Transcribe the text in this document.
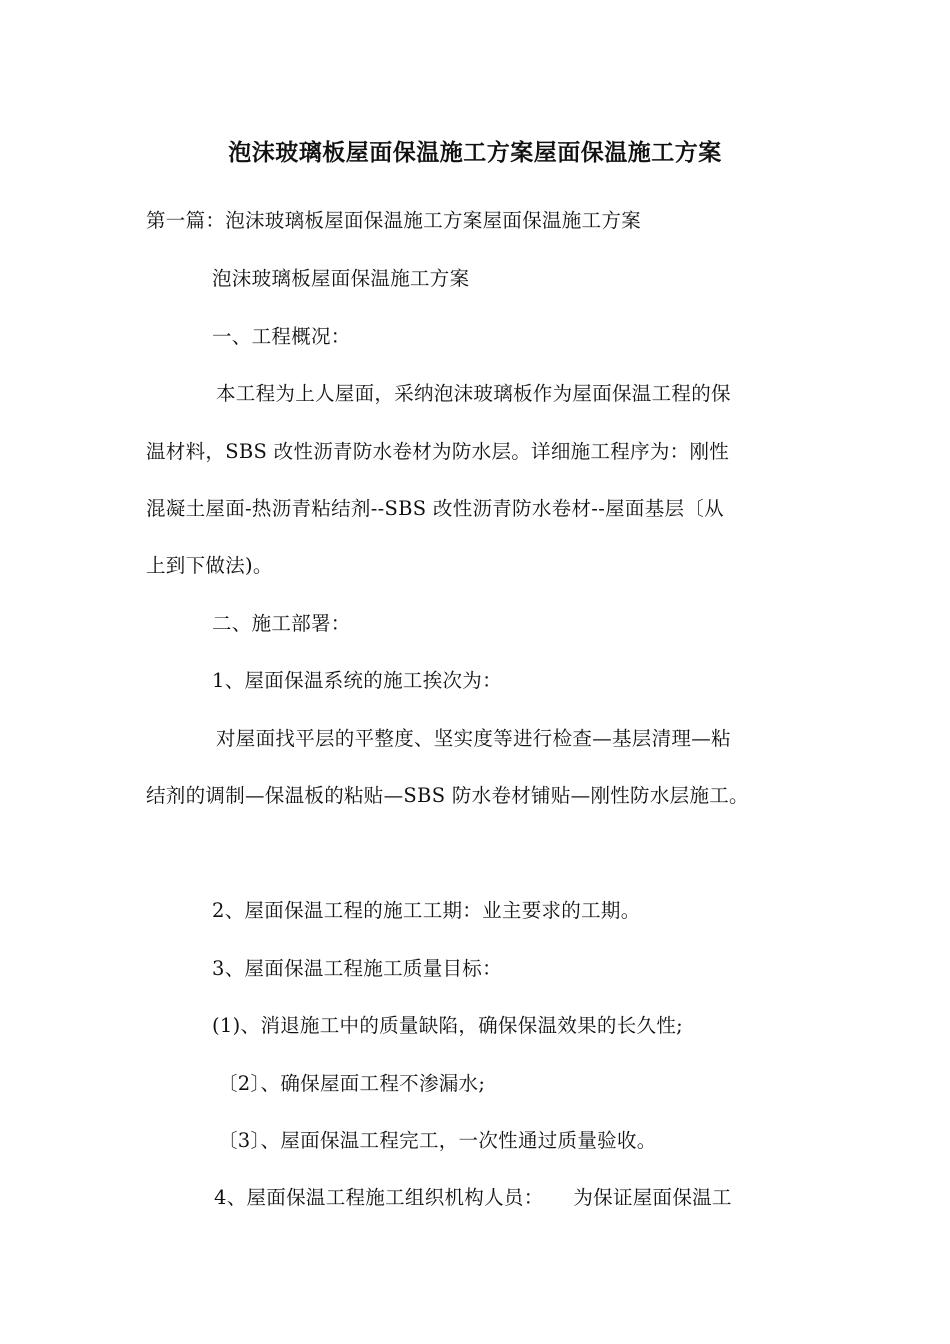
泡沫玻璃板屋面保温施工方案屋面保温施工方案
第一篇：泡沫玻璃板屋面保温施工方案屋面保温施工方案
泡沫玻璃板屋面保温施工方案
一、工程概况：
本工程为上人屋面，采纳泡沫玻璃板作为屋面保温工程的保
温材料，SBS 改性沥青防水卷材为防水层。详细施工程序为：刚性
混凝土屋面-热沥青粘结剂--SBS 改性沥青防水卷材--屋面基层〔从
上到下做法)。
二、施工部署：
1、屋面保温系统的施工挨次为：
对屋面找平层的平整度、坚实度等进行检查—基层清理—粘
结剂的调制—保温板的粘贴—SBS 防水卷材铺贴—刚性防水层施工。
2、屋面保温工程的施工工期：业主要求的工期。
3、屋面保温工程施工质量目标：
(1)、消退施工中的质量缺陷，确保保温效果的长久性;
〔2〕、确保屋面工程不渗漏水;
〔3〕、屋面保温工程完工，一次性通过质量验收。
4、屋面保温工程施工组织机构人员：　　为保证屋面保温工
